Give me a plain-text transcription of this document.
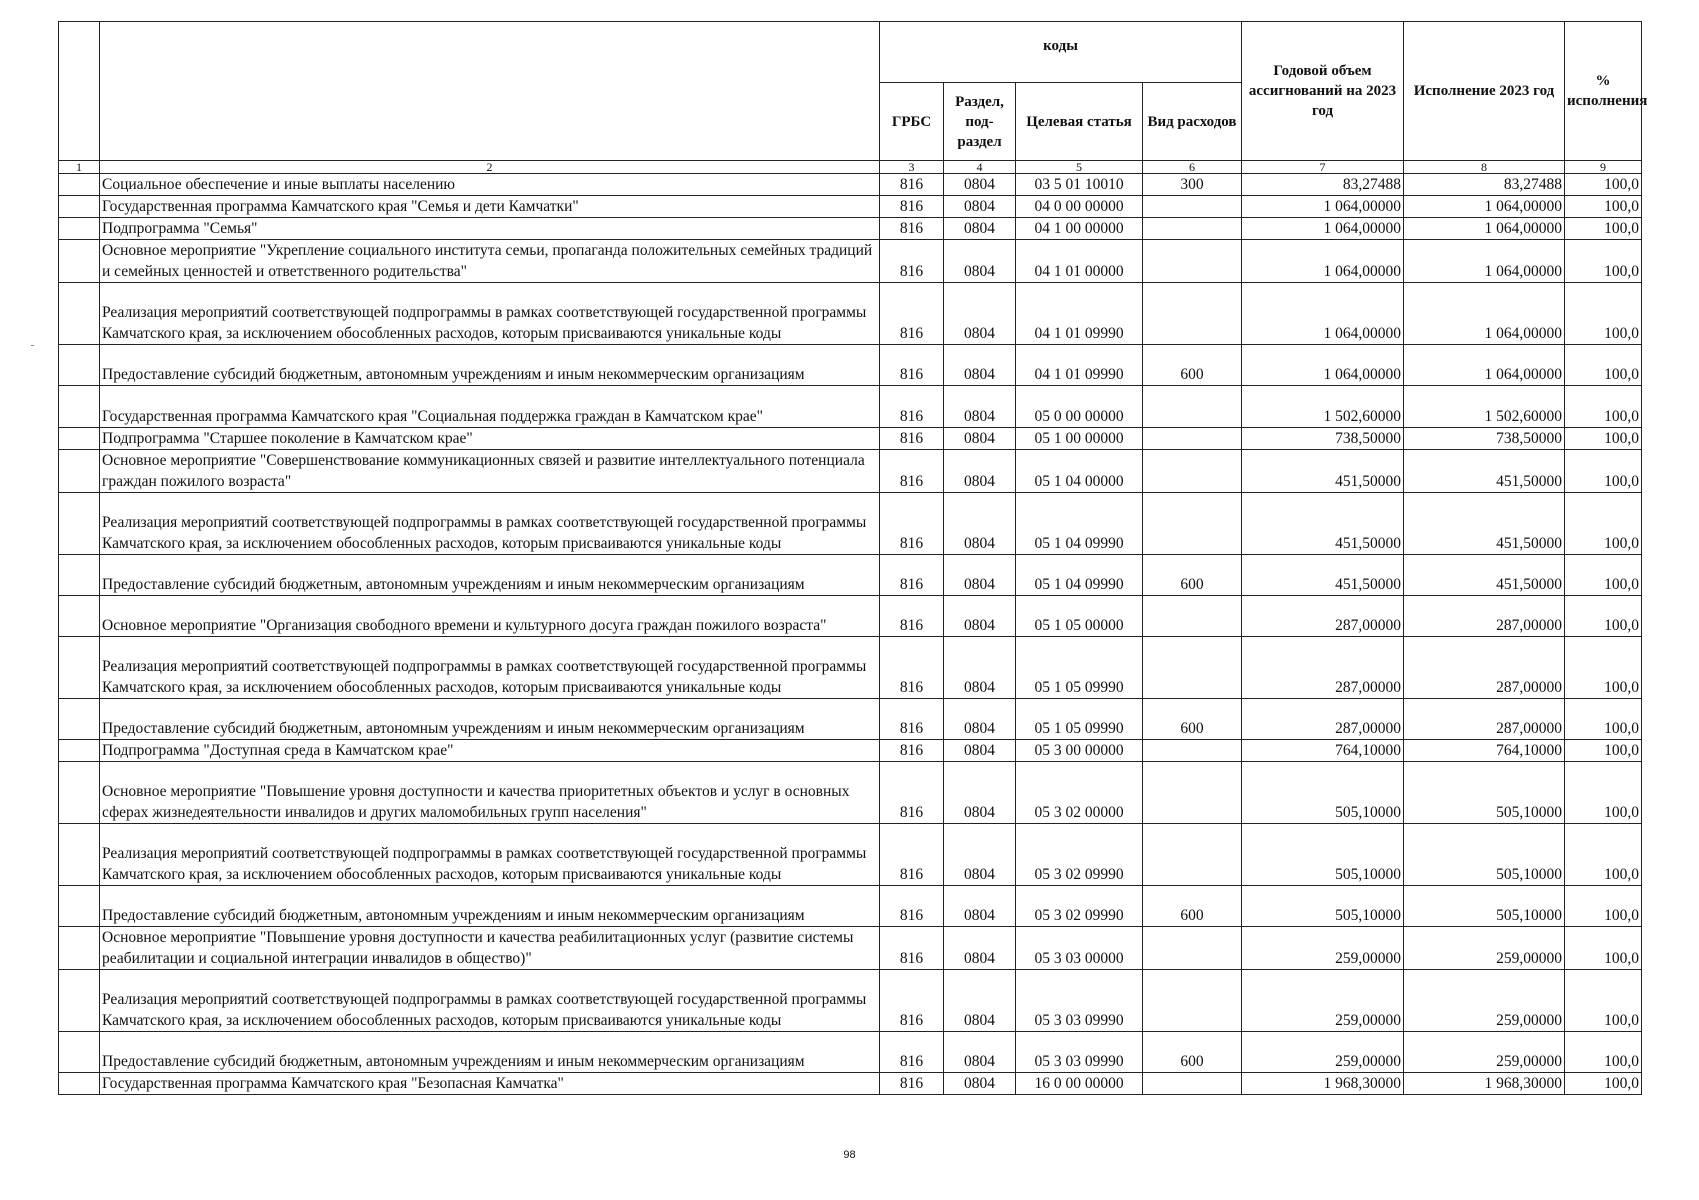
		коды				Годовой объем ассигнований на 2023 год	Исполнение 2023 год	% исполнения
		ГРБС	Раздел, под-раздел	Целевая статья	Вид расходов			
1	2	3	4	5	6	7	8	9
	Социальное обеспечение и иные выплаты населению	816	0804	03 5 01 10010	300	83,27488	83,27488	100,0
	Государственная программа Камчатского края "Семья и дети Камчатки"	816	0804	04 0 00 00000		1 064,00000	1 064,00000	100,0
	Подпрограмма "Семья"	816	0804	04 1 00 00000		1 064,00000	1 064,00000	100,0
	Основное мероприятие "Укрепление социального института семьи, пропаганда положительных семейных традиций и семейных ценностей и ответственного родительства"	816	0804	04 1 01 00000		1 064,00000	1 064,00000	100,0
	Реализация мероприятий соответствующей подпрограммы в рамках соответствующей государственной программы Камчатского края, за исключением обособленных расходов, которым присваиваются уникальные коды	816	0804	04 1 01 09990		1 064,00000	1 064,00000	100,0
	Предоставление субсидий бюджетным, автономным учреждениям и иным некоммерческим организациям	816	0804	04 1 01 09990	600	1 064,00000	1 064,00000	100,0
	Государственная программа Камчатского края "Социальная поддержка граждан в Камчатском крае"	816	0804	05 0 00 00000		1 502,60000	1 502,60000	100,0
	Подпрограмма "Старшее поколение в Камчатском крае"	816	0804	05 1 00 00000		738,50000	738,50000	100,0
	Основное мероприятие "Совершенствование коммуникационных связей и развитие интеллектуального потенциала граждан пожилого возраста"	816	0804	05 1 04 00000		451,50000	451,50000	100,0
	Реализация мероприятий соответствующей подпрограммы в рамках соответствующей государственной программы Камчатского края, за исключением обособленных расходов, которым присваиваются уникальные коды	816	0804	05 1 04 09990		451,50000	451,50000	100,0
	Предоставление субсидий бюджетным, автономным учреждениям и иным некоммерческим организациям	816	0804	05 1 04 09990	600	451,50000	451,50000	100,0
	Основное мероприятие "Организация свободного времени и культурного досуга граждан пожилого возраста"	816	0804	05 1 05 00000		287,00000	287,00000	100,0
	Реализация мероприятий соответствующей подпрограммы в рамках соответствующей государственной программы Камчатского края, за исключением обособленных расходов, которым присваиваются уникальные коды	816	0804	05 1 05 09990		287,00000	287,00000	100,0
	Предоставление субсидий бюджетным, автономным учреждениям и иным некоммерческим организациям	816	0804	05 1 05 09990	600	287,00000	287,00000	100,0
	Подпрограмма "Доступная среда в Камчатском крае"	816	0804	05 3 00 00000		764,10000	764,10000	100,0
	Основное мероприятие "Повышение уровня доступности и качества приоритетных объектов и услуг в основных сферах жизнедеятельности инвалидов и других маломобильных групп населения"	816	0804	05 3 02 00000		505,10000	505,10000	100,0
	Реализация мероприятий соответствующей подпрограммы в рамках соответствующей государственной программы Камчатского края, за исключением обособленных расходов, которым присваиваются уникальные коды	816	0804	05 3 02 09990		505,10000	505,10000	100,0
	Предоставление субсидий бюджетным, автономным учреждениям и иным некоммерческим организациям	816	0804	05 3 02 09990	600	505,10000	505,10000	100,0
	Основное мероприятие "Повышение уровня доступности и качества реабилитационных услуг (развитие системы реабилитации и социальной интеграции инвалидов в общество)"	816	0804	05 3 03 00000		259,00000	259,00000	100,0
	Реализация мероприятий соответствующей подпрограммы в рамках соответствующей государственной программы Камчатского края, за исключением обособленных расходов, которым присваиваются уникальные коды	816	0804	05 3 03 09990		259,00000	259,00000	100,0
	Предоставление субсидий бюджетным, автономным учреждениям и иным некоммерческим организациям	816	0804	05 3 03 09990	600	259,00000	259,00000	100,0
	Государственная программа Камчатского края "Безопасная Камчатка"	816	0804	16 0 00 00000		1 968,30000	1 968,30000	100,0
98
